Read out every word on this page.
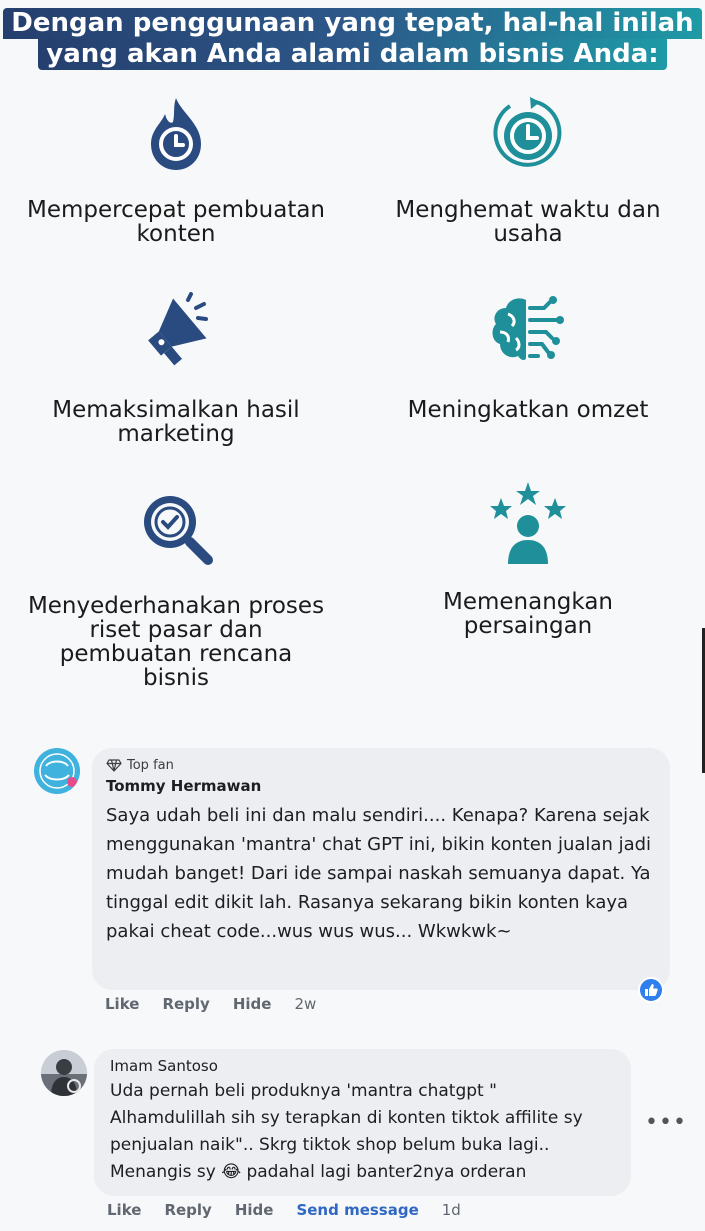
Dengan penggunaan yang tepat, hal-hal inilah
yang akan Anda alami dalam bisnis Anda:
Mempercepat pembuatan konten
Menghemat waktu dan usaha
Memaksimalkan hasil marketing
Meningkatkan omzet
Menyederhanakan proses riset pasar dan pembuatan rencana bisnis
Memenangkan persaingan
Top fan
Tommy Hermawan
Saya udah beli ini dan malu sendiri.... Kenapa? Karena sejak menggunakan 'mantra' chat GPT ini, bikin konten jualan jadi mudah banget! Dari ide sampai naskah semuanya dapat. Ya tinggal edit dikit lah. Rasanya sekarang bikin konten kaya pakai cheat code...wus wus wus... Wkwkwk~
Like Reply Hide 2w
Imam Santoso
Uda pernah beli produknya 'mantra chatgpt " Alhamdulillah sih sy terapkan di konten tiktok affilite sy penjualan naik".. Skrg tiktok shop belum buka lagi.. Menangis sy 😂 padahal lagi banter2nya orderan
•••
Like Reply Hide Send message 1d
